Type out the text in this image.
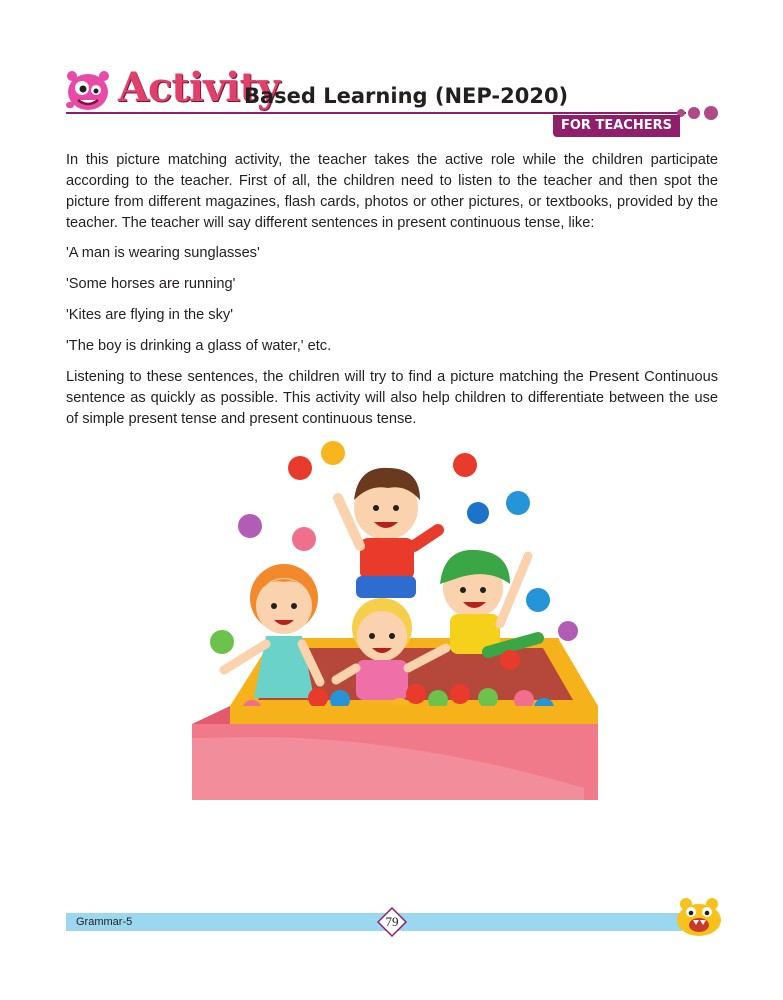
Activity
Based Learning (NEP-2020)
FOR TEACHERS

In this picture matching activity, the teacher takes the active role while the children participate according to the teacher. First of all, the children need to listen to the teacher and then spot the picture from different magazines, flash cards, photos or other pictures, or textbooks, provided by the teacher. The teacher will say different sentences in present continuous tense, like:

'A man is wearing sunglasses'

'Some horses are running'

'Kites are flying in the sky'

'The boy is drinking a glass of water,' etc.

Listening to these sentences, the children will try to find a picture matching the Present Continuous sentence as quickly as possible. This activity will also help children to differentiate between the use of simple present tense and present continuous tense.

Grammar-5	79
